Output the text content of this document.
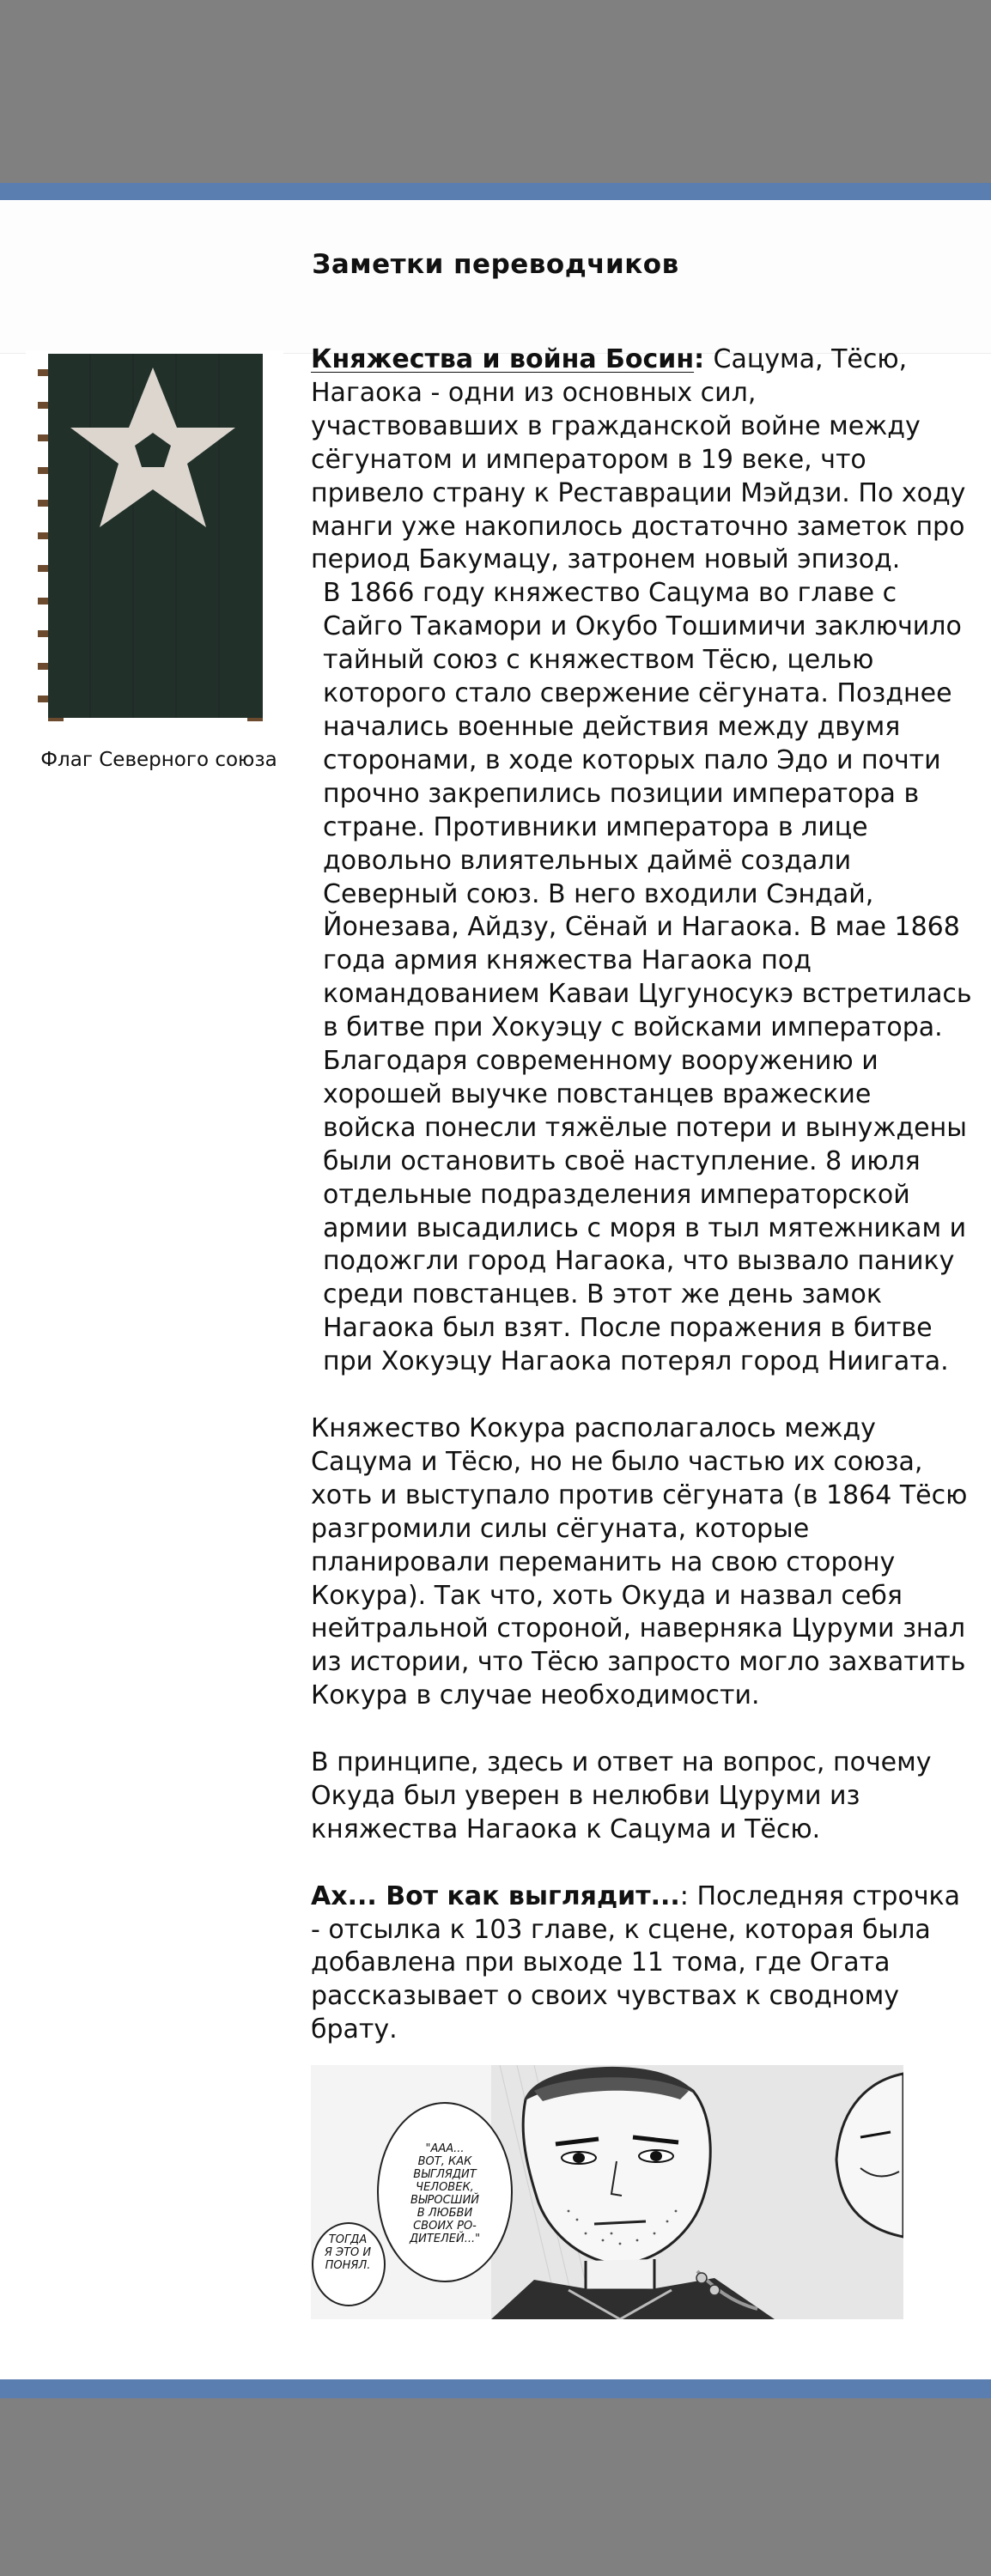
Заметки переводчиков
Флаг Северного союза

Княжества и война Босин: Сацума, Тёсю, Нагаока - одни из основных сил, участвовавших в гражданской войне между сёгунатом и императором в 19 веке, что привело страну к Реставрации Мэйдзи. По ходу манги уже накопилось достаточно заметок про период Бакумацу, затронем новый эпизод.

В 1866 году княжество Сацума во главе с Сайго Такамори и Окубо Тошимичи заключило тайный союз с княжеством Тёсю, целью которого стало свержение сёгуната. Позднее начались военные действия между двумя сторонами, в ходе которых пало Эдо и почти прочно закрепились позиции императора в стране. Противники императора в лице довольно влиятельных даймё создали Северный союз. В него входили Сэндай, Йонезава, Айдзу, Сёнай и Нагаока. В мае 1868 года армия княжества Нагаока под командованием Каваи Цугуносукэ встретилась в битве при Хокуэцу с войсками императора. Благодаря современному вооружению и хорошей выучке повстанцев вражеские войска понесли тяжёлые потери и вынуждены были остановить своё наступление. 8 июля отдельные подразделения императорской армии высадились с моря в тыл мятежникам и подожгли город Нагаока, что вызвало панику среди повстанцев. В этот же день замок Нагаока был взят. После поражения в битве при Хокуэцу Нагаока потерял город Ниигата.

Княжество Кокура располагалось между Сацума и Тёсю, но не было частью их союза, хоть и выступало против сёгуната (в 1864 Тёсю разгромили силы сёгуната, которые планировали переманить на свою сторону Кокура). Так что, хоть Окуда и назвал себя нейтральной стороной, наверняка Цуруми знал из истории, что Тёсю запросто могло захватить Кокура в случае необходимости.

В принципе, здесь и ответ на вопрос, почему Окуда был уверен в нелюбви Цуруми из княжества Нагаока к Сацума и Тёсю.

Ах... Вот как выглядит...: Последняя строчка - отсылка к 103 главе, к сцене, которая была добавлена при выходе 11 тома, где Огата рассказывает о своих чувствах к сводному брату.

"ААА...
ВОТ, КАК
ВЫГЛЯДИТ
ЧЕЛОВЕК,
ВЫРОСШИЙ
В ЛЮБВИ
СВОИХ РО-
ДИТЕЛЕЙ..."
ТОГДА
Я ЭТО И
ПОНЯЛ.
